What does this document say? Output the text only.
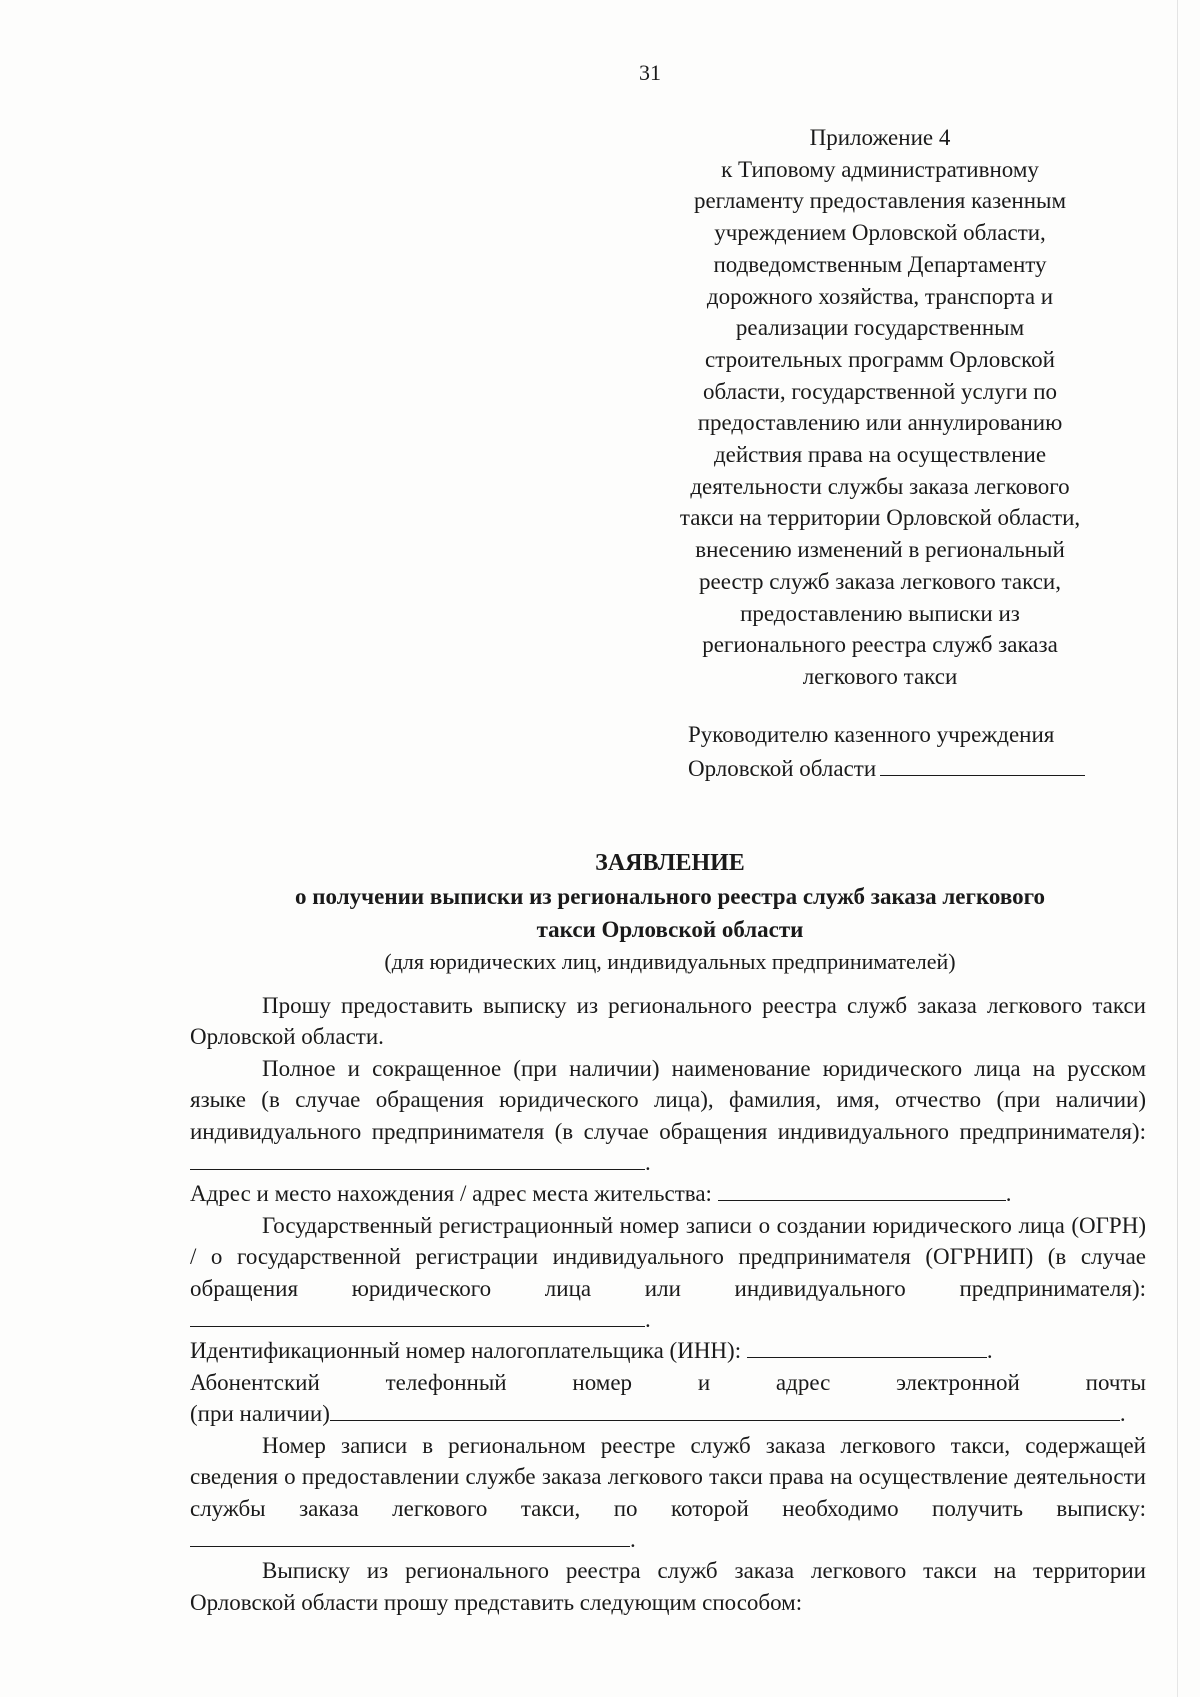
31
Приложение 4
к Типовому административному
регламенту предоставления казенным
учреждением Орловской области,
подведомственным Департаменту
дорожного хозяйства, транспорта и
реализации государственным
строительных программ Орловской
области, государственной услуги по
предоставлению или аннулированию
действия права на осуществление
деятельности службы заказа легкового
такси на территории Орловской области,
внесению изменений в региональный
реестр служб заказа легкового такси,
предоставлению выписки из
регионального реестра служб заказа
легкового такси
Руководителю казенного учреждения
Орловской области
ЗАЯВЛЕНИЕ
о получении выписки из регионального реестра служб заказа легкового
такси Орловской области
(для юридических лиц, индивидуальных предпринимателей)

Прошу предоставить выписку из регионального реестра служб заказа легкового такси Орловской области.

Полное и сокращенное (при наличии) наименование юридического лица на русском языке (в случае обращения юридического лица), фамилия, имя, отчество (при наличии) индивидуального предпринимателя (в случае обращения индивидуального предпринимателя): .

Адрес и место нахождения / адрес места жительства:	.

Государственный регистрационный номер записи о создании юридического лица (ОГРН) / о государственной регистрации индивидуального предпринимателя (ОГРНИП) (в случае обращения юридического лица или индивидуального предпринимателя): .

Идентификационный номер налогоплательщика (ИНН):	.

Абонентский	телефонный	номер	и	адрес	электронной	почты

(при наличии)	.

Номер записи в региональном реестре служб заказа легкового такси, содержащей сведения о предоставлении службе заказа легкового такси права на осуществление деятельности службы заказа легкового такси, по которой необходимо получить выписку: .

Выписку из регионального реестра служб заказа легкового такси на территории Орловской области прошу представить следующим способом:
